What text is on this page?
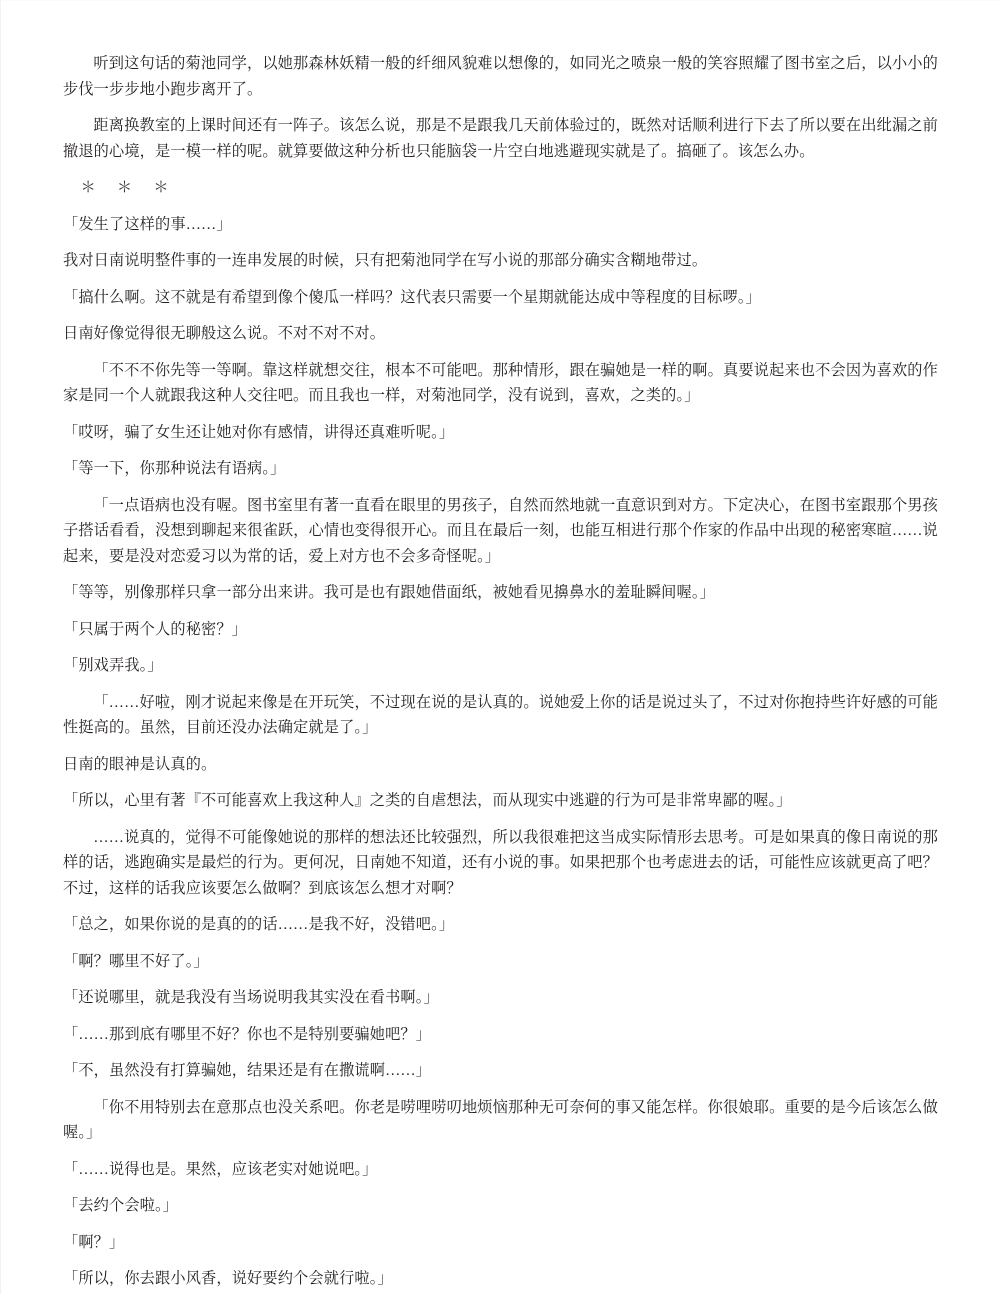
听到这句话的菊池同学，以她那森林妖精一般的纤细风貌难以想像的，如同光之喷泉一般的笑容照耀了图书室之后，以小小的步伐一步步地小跑步离开了。

距离换教室的上课时间还有一阵子。该怎么说，那是不是跟我几天前体验过的，既然对话顺利进行下去了所以要在出纰漏之前撤退的心境，是一模一样的呢。就算要做这种分析也只能脑袋一片空白地逃避现实就是了。搞砸了。该怎么办。

＊＊＊

「发生了这样的事……」

我对日南说明整件事的一连串发展的时候，只有把菊池同学在写小说的那部分确实含糊地带过。

「搞什么啊。这不就是有希望到像个傻瓜一样吗？这代表只需要一个星期就能达成中等程度的目标啰。」

日南好像觉得很无聊般这么说。不对不对不对。

「不不不你先等一等啊。靠这样就想交往，根本不可能吧。那种情形，跟在骗她是一样的啊。真要说起来也不会因为喜欢的作家是同一个人就跟我这种人交往吧。而且我也一样，对菊池同学，没有说到，喜欢，之类的。」

「哎呀，骗了女生还让她对你有感情，讲得还真难听呢。」

「等一下，你那种说法有语病。」

「一点语病也没有喔。图书室里有著一直看在眼里的男孩子，自然而然地就一直意识到对方。下定决心，在图书室跟那个男孩子搭话看看，没想到聊起来很雀跃，心情也变得很开心。而且在最后一刻，也能互相进行那个作家的作品中出现的秘密寒暄……说起来，要是没对恋爱习以为常的话，爱上对方也不会多奇怪呢。」

「等等，别像那样只拿一部分出来讲。我可是也有跟她借面纸，被她看见擤鼻水的羞耻瞬间喔。」

「只属于两个人的秘密？」

「别戏弄我。」

「……好啦，刚才说起来像是在开玩笑，不过现在说的是认真的。说她爱上你的话是说过头了，不过对你抱持些许好感的可能性挺高的。虽然，目前还没办法确定就是了。」

日南的眼神是认真的。

「所以，心里有著『不可能喜欢上我这种人』之类的自虐想法，而从现实中逃避的行为可是非常卑鄙的喔。」

……说真的，觉得不可能像她说的那样的想法还比较强烈，所以我很难把这当成实际情形去思考。可是如果真的像日南说的那样的话，逃跑确实是最烂的行为。更何况，日南她不知道，还有小说的事。如果把那个也考虑进去的话，可能性应该就更高了吧？不过，这样的话我应该要怎么做啊？到底该怎么想才对啊？

「总之，如果你说的是真的的话……是我不好，没错吧。」

「啊？哪里不好了。」

「还说哪里，就是我没有当场说明我其实没在看书啊。」

「……那到底有哪里不好？你也不是特别要骗她吧？」

「不，虽然没有打算骗她，结果还是有在撒谎啊……」

「你不用特别去在意那点也没关系吧。你老是唠哩唠叨地烦恼那种无可奈何的事又能怎样。你很娘耶。重要的是今后该怎么做喔。」

「……说得也是。果然，应该老实对她说吧。」

「去约个会啦。」

「啊？」

「所以，你去跟小风香，说好要约个会就行啦。」
